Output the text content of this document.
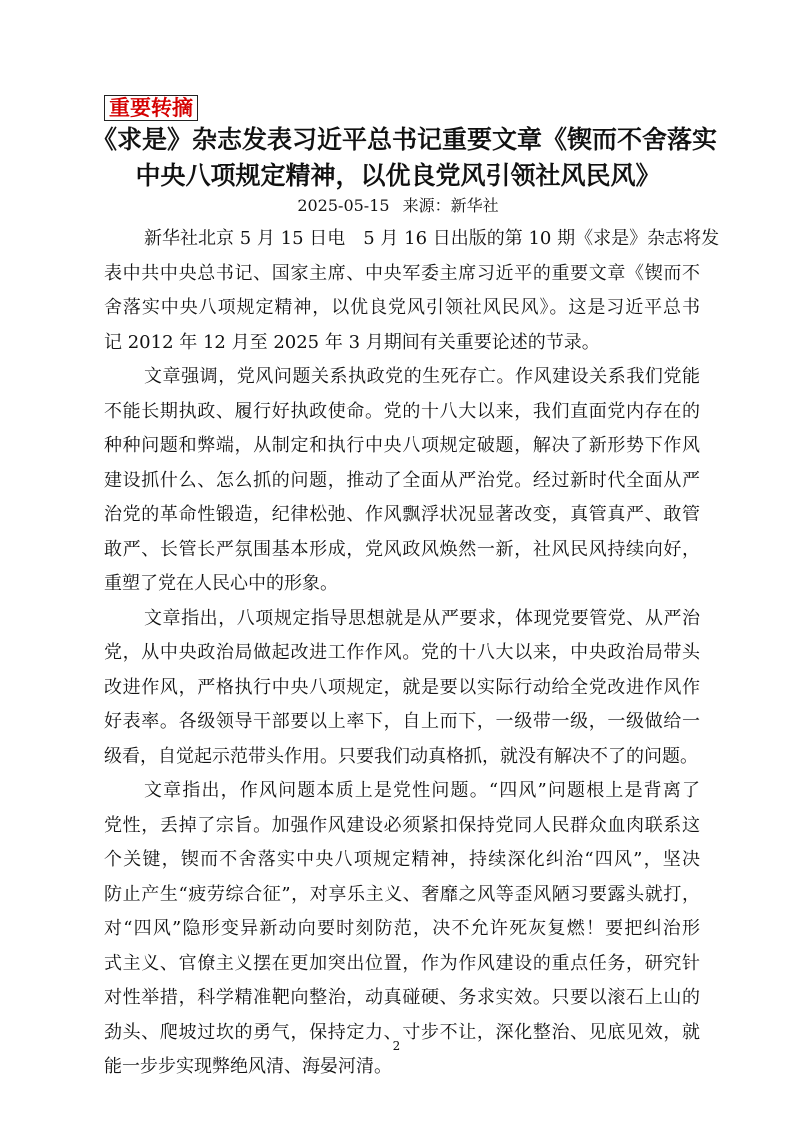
重要转摘
《求是》杂志发表习近平总书记重要文章《锲而不舍落实
中央八项规定精神，以优良党风引领社风民风》
2025-05-15 来源：新华社

新华社北京 5 月 15 日电　5 月 16 日出版的第 10 期《求是》杂志将发
表中共中央总书记、国家主席、中央军委主席习近平的重要文章《锲而不
舍落实中央八项规定精神，以优良党风引领社风民风》。这是习近平总书
记 2012 年 12 月至 2025 年 3 月期间有关重要论述的节录。

文章强调，党风问题关系执政党的生死存亡。作风建设关系我们党能
不能长期执政、履行好执政使命。党的十八大以来，我们直面党内存在的
种种问题和弊端，从制定和执行中央八项规定破题，解决了新形势下作风
建设抓什么、怎么抓的问题，推动了全面从严治党。经过新时代全面从严
治党的革命性锻造，纪律松弛、作风飘浮状况显著改变，真管真严、敢管
敢严、长管长严氛围基本形成，党风政风焕然一新，社风民风持续向好，
重塑了党在人民心中的形象。

文章指出，八项规定指导思想就是从严要求，体现党要管党、从严治
党，从中央政治局做起改进工作作风。党的十八大以来，中央政治局带头
改进作风，严格执行中央八项规定，就是要以实际行动给全党改进作风作
好表率。各级领导干部要以上率下，自上而下，一级带一级，一级做给一
级看，自觉起示范带头作用。只要我们动真格抓，就没有解决不了的问题。

文章指出，作风问题本质上是党性问题。“四风”问题根上是背离了
党性，丢掉了宗旨。加强作风建设必须紧扣保持党同人民群众血肉联系这
个关键，锲而不舍落实中央八项规定精神，持续深化纠治“四风”，坚决
防止产生“疲劳综合征”，对享乐主义、奢靡之风等歪风陋习要露头就打，
对“四风”隐形变异新动向要时刻防范，决不允许死灰复燃！要把纠治形
式主义、官僚主义摆在更加突出位置，作为作风建设的重点任务，研究针
对性举措，科学精准靶向整治，动真碰硬、务求实效。只要以滚石上山的
劲头、爬坡过坎的勇气，保持定力、寸步不让，深化整治、见底见效，就
能一步步实现弊绝风清、海晏河清。

2
